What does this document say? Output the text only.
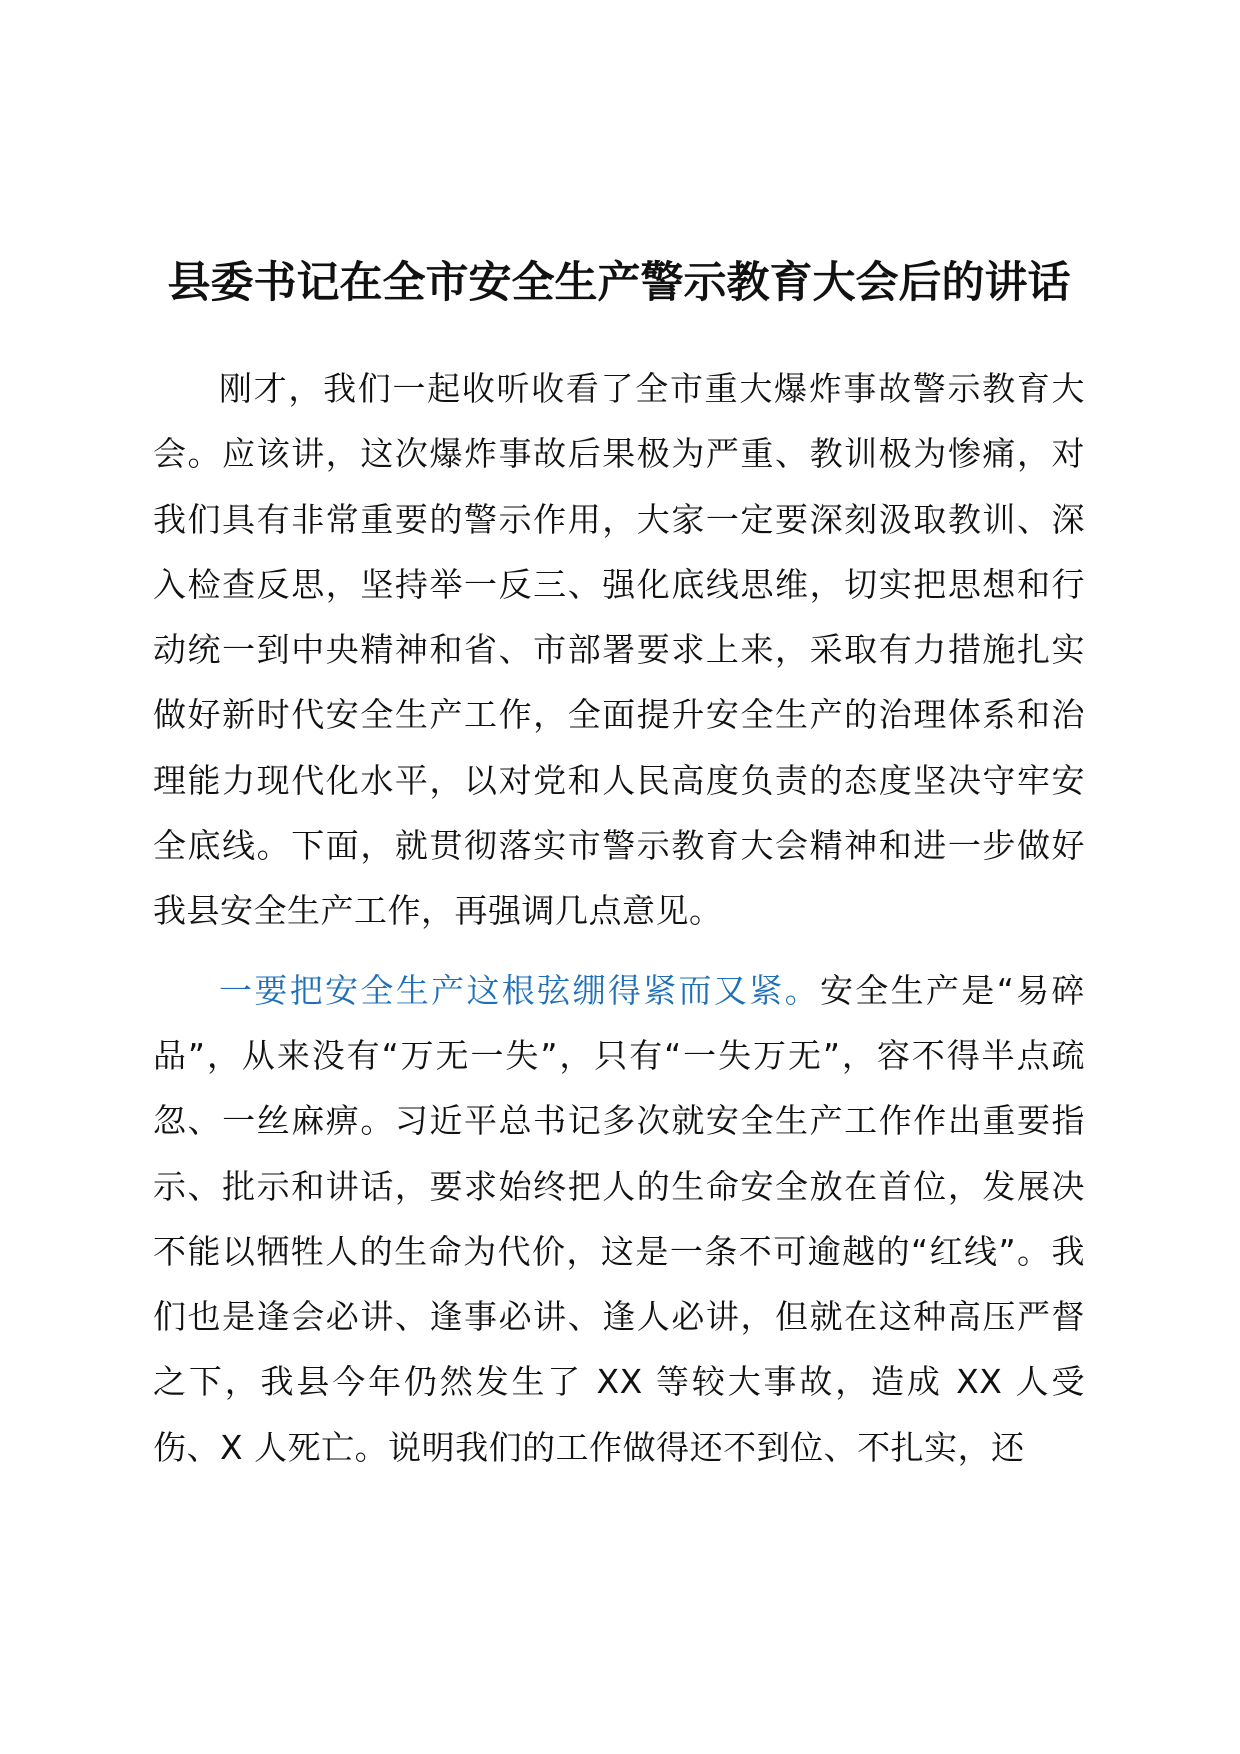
县委书记在全市安全生产警示教育大会后的讲话

刚才，我们一起收听收看了全市重大爆炸事故警示教育大会。应该讲，这次爆炸事故后果极为严重、教训极为惨痛，对我们具有非常重要的警示作用，大家一定要深刻汲取教训、深入检查反思，坚持举一反三、强化底线思维，切实把思想和行动统一到中央精神和省、市部署要求上来，采取有力措施扎实做好新时代安全生产工作，全面提升安全生产的治理体系和治理能力现代化水平，以对党和人民高度负责的态度坚决守牢安全底线。下面，就贯彻落实市警示教育大会精神和进一步做好我县安全生产工作，再强调几点意见。

一要把安全生产这根弦绷得紧而又紧。安全生产是“易碎品”，从来没有“万无一失”，只有“一失万无”，容不得半点疏忽、一丝麻痹。习近平总书记多次就安全生产工作作出重要指示、批示和讲话，要求始终把人的生命安全放在首位，发展决不能以牺牲人的生命为代价，这是一条不可逾越的“红线”。我们也是逢会必讲、逢事必讲、逢人必讲，但就在这种高压严督之下，我县今年仍然发生了 XX 等较大事故，造成 XX 人受伤、X 人死亡。说明我们的工作做得还不到位、不扎实，还
